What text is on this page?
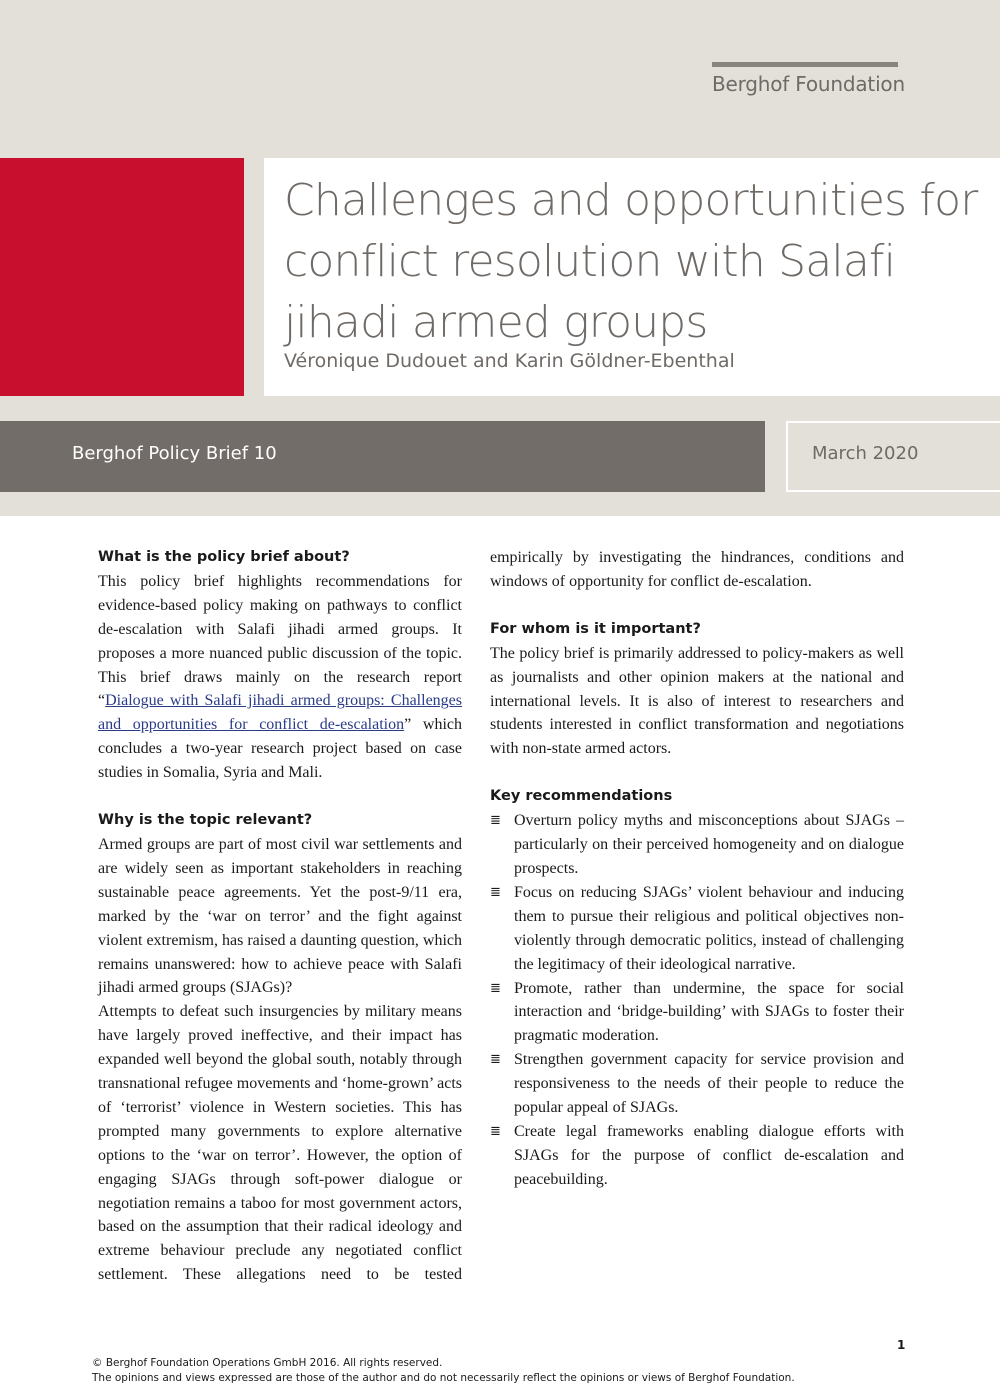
Berghof Foundation
Challenges and opportunities for conflict resolution with Salafi jihadi armed groups
Véronique Dudouet and Karin Göldner-Ebenthal
Berghof Policy Brief 10	March 2020
What is the policy brief about?

This policy brief highlights recommendations for evidence-based policy making on pathways to conflict de-escalation with Salafi jihadi armed groups. It proposes a more nuanced public discussion of the topic. This brief draws mainly on the research report “Dialogue with Salafi jihadi armed groups: Challenges and opportunities for conflict de-escalation” which concludes a two-year research project based on case studies in Somalia, Syria and Mali.

Why is the topic relevant?

Armed groups are part of most civil war settlements and are widely seen as important stakeholders in reaching sustainable peace agreements. Yet the post-9/11 era, marked by the ‘war on terror’ and the fight against violent extremism, has raised a daunting question, which remains unanswered: how to achieve peace with Salafi jihadi armed groups (SJAGs)?

Attempts to defeat such insurgencies by military means have largely proved ineffective, and their impact has expanded well beyond the global south, notably through transnational refugee movements and ‘home-grown’ acts of ‘terrorist’ violence in Western societies. This has prompted many governments to explore alternative options to the ‘war on terror’. However, the option of engaging SJAGs through soft-power dialogue or negotiation remains a taboo for most government actors, based on the assumption that their radical ideology and extreme behaviour preclude any negotiated conflict settlement. These allegations need to be tested

empirically by investigating the hindrances, conditions and windows of opportunity for conflict de-escalation.

For whom is it important?

The policy brief is primarily addressed to policy-makers as well as journalists and other opinion makers at the national and international levels. It is also of interest to researchers and students interested in conflict transformation and negotiations with non-state armed actors.

Key recommendations
≣ Overturn policy myths and misconceptions about SJAGs – particularly on their perceived homogeneity and on dialogue prospects.
≣ Focus on reducing SJAGs’ violent behaviour and inducing them to pursue their religious and political objectives non-violently through democratic politics, instead of challenging the legitimacy of their ideological narrative.
≣ Promote, rather than undermine, the space for social interaction and ‘bridge-building’ with SJAGs to foster their pragmatic moderation.
≣ Strengthen government capacity for service provision and responsiveness to the needs of their people to reduce the popular appeal of SJAGs.
≣ Create legal frameworks enabling dialogue efforts with SJAGs for the purpose of conflict de-escalation and peacebuilding.
1
© Berghof Foundation Operations GmbH 2016. All rights reserved.
The opinions and views expressed are those of the author and do not necessarily reflect the opinions or views of Berghof Foundation.
